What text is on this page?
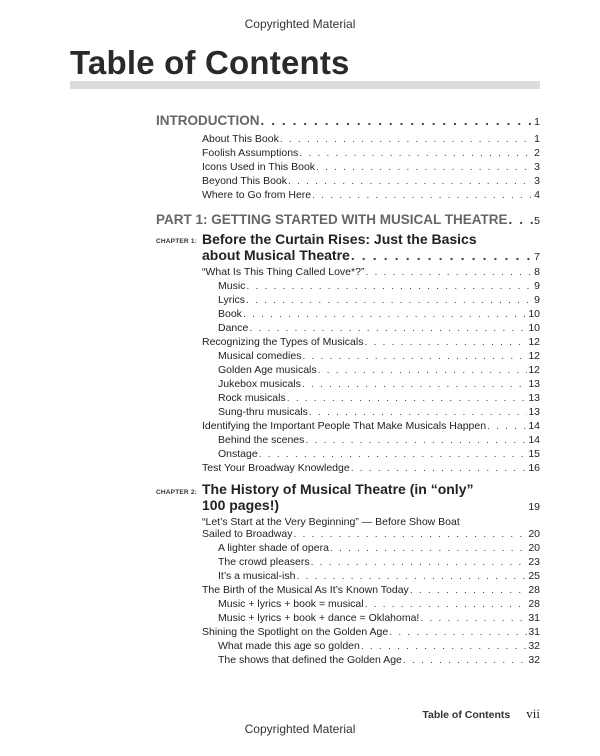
Copyrighted Material
Table of Contents
INTRODUCTION . . .	1
About This Book . . .	1
Foolish Assumptions . . .	2
Icons Used in This Book . . .	3
Beyond This Book . . .	3
Where to Go from Here . . .	4
PART 1: GETTING STARTED WITH MUSICAL THEATRE . . .	5
CHAPTER 1: Before the Curtain Rises: Just the Basics
about Musical Theatre . . .	7
“What Is This Thing Called Love*?” . . .	8
Music . . .	9
Lyrics . . .	9
Book . . .	10
Dance . . .	10
Recognizing the Types of Musicals . . .	12
Musical comedies . . .	12
Golden Age musicals . . .	12
Jukebox musicals . . .	13
Rock musicals . . .	13
Sung-thru musicals . . .	13
Identifying the Important People That Make Musicals Happen . . .	14
Behind the scenes . . .	14
Onstage . . .	15
Test Your Broadway Knowledge . . .	16
CHAPTER 2: The History of Musical Theatre (in “only”
100 pages!)	19
“Let’s Start at the Very Beginning” — Before Show Boat
Sailed to Broadway . . .	20
A lighter shade of opera . . .	20
The crowd pleasers . . .	23
It’s a musical-ish . . .	25
The Birth of the Musical As It’s Known Today . . .	28
Music + lyrics + book = musical . . .	28
Music + lyrics + book + dance = Oklahoma! . . .	31
Shining the Spotlight on the Golden Age . . .	31
What made this age so golden . . .	32
The shows that defined the Golden Age . . .	32
Table of Contents vii
Copyrighted Material
